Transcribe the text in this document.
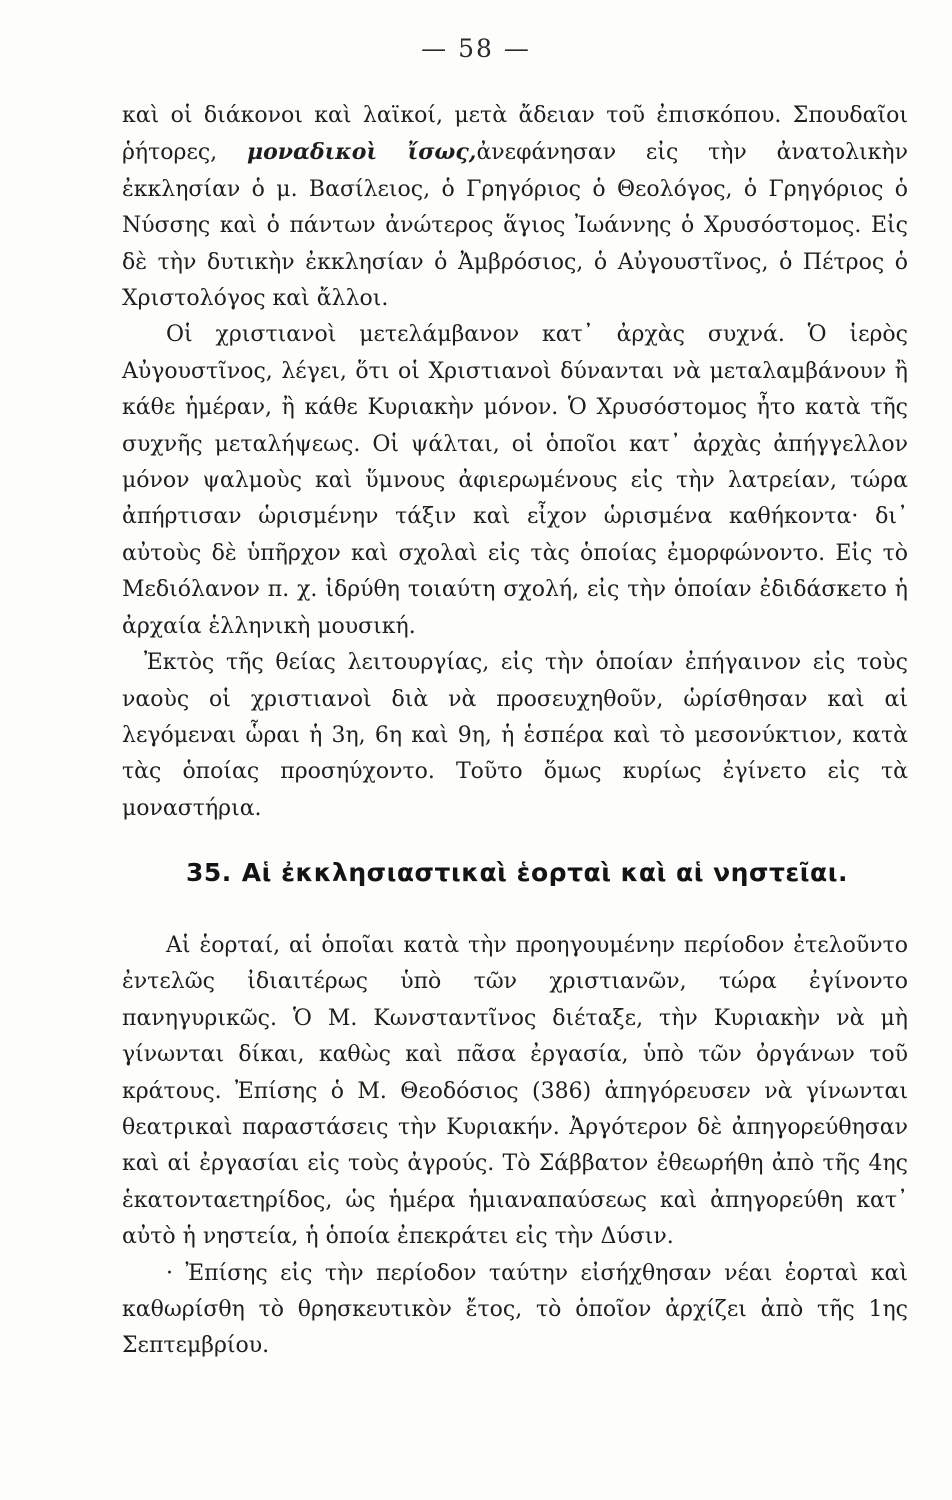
— 58 —

καὶ οἱ διάκονοι καὶ λαϊκοί, μετὰ ἄδειαν τοῦ ἐπισκόπου. Σπουδαῖοι ῥήτορες, μοναδικοὶ ἴσως,ἀνεφάνησαν εἰς τὴν ἀνατολικὴν ἐκκλησίαν ὁ μ. Βασίλειος, ὁ Γρηγόριος ὁ Θεολόγος, ὁ Γρηγόριος ὁ Νύσσης καὶ ὁ πάντων ἀνώτερος ἅγιος Ἰωάννης ὁ Χρυσόστομος. Εἰς δὲ τὴν δυτικὴν ἐκκλησίαν ὁ Ἀμβρόσιος, ὁ Αὐγουστῖνος, ὁ Πέτρος ὁ Χριστολόγος καὶ ἄλλοι.

Οἱ χριστιανοὶ μετελάμβανον κατ᾽ ἀρχὰς συχνά. Ὁ ἱερὸς Αὐγουστῖνος, λέγει, ὅτι οἱ Χριστιανοὶ δύνανται νὰ μεταλαμβάνουν ἢ κάθε ἡμέραν, ἢ κάθε Κυριακὴν μόνον. Ὁ Χρυσόστομος ἦτο κατὰ τῆς συχνῆς μεταλήψεως. Οἱ ψάλται, οἱ ὁποῖοι κατ᾽ ἀρχὰς ἀπήγγελλον μόνον ψαλμοὺς καὶ ὕμνους ἀφιερωμένους εἰς τὴν λατρείαν, τώρα ἀπήρτισαν ὡρισμένην τάξιν καὶ εἶχον ὡρισμένα καθήκοντα· δι᾽ αὐτοὺς δὲ ὑπῆρχον καὶ σχολαὶ εἰς τὰς ὁποίας ἐμορφώνοντο. Εἰς τὸ Μεδιόλανον π. χ. ἱδρύθη τοιαύτη σχολή, εἰς τὴν ὁποίαν ἐδιδάσκετο ἡ ἀρχαία ἑλληνικὴ μουσική.

Ἐκτὸς τῆς θείας λειτουργίας, εἰς τὴν ὁποίαν ἐπήγαινον εἰς τοὺς ναοὺς οἱ χριστιανοὶ διὰ νὰ προσευχηθοῦν, ὡρίσθησαν καὶ αἱ λεγόμεναι ὧραι ἡ 3η, 6η καὶ 9η, ἡ ἑσπέρα καὶ τὸ μεσονύκτιον, κατὰ τὰς ὁποίας προσηύχοντο. Τοῦτο ὅμως κυρίως ἐγίνετο εἰς τὰ μοναστήρια.

35. Αἱ ἐκκλησιαστικαὶ ἑορταὶ καὶ αἱ νηστεῖαι.

Αἱ ἑορταί, αἱ ὁποῖαι κατὰ τὴν προηγουμένην περίοδον ἐτελοῦντο ἐντελῶς ἰδιαιτέρως ὑπὸ τῶν χριστιανῶν, τώρα ἐγίνοντο πανηγυρικῶς. Ὁ Μ. Κωνσταντῖνος διέταξε, τὴν Κυριακὴν νὰ μὴ γίνωνται δίκαι, καθὼς καὶ πᾶσα ἐργασία, ὑπὸ τῶν ὀργάνων τοῦ κράτους. Ἐπίσης ὁ Μ. Θεοδόσιος (386) ἀπηγόρευσεν νὰ γίνωνται θεατρικαὶ παραστάσεις τὴν Κυριακήν. Ἀργότερον δὲ ἀπηγορεύθησαν καὶ αἱ ἐργασίαι εἰς τοὺς ἀγρούς. Τὸ Σάββατον ἐθεωρήθη ἀπὸ τῆς 4ης ἑκατονταετηρίδος, ὡς ἡμέρα ἡμιαναπαύσεως καὶ ἀπηγορεύθη κατ᾽ αὐτὸ ἡ νηστεία, ἡ ὁποία ἐπεκράτει εἰς τὴν Δύσιν.

· Ἐπίσης εἰς τὴν περίοδον ταύτην εἰσήχθησαν νέαι ἑορταὶ καὶ καθωρίσθη τὸ θρησκευτικὸν ἔτος, τὸ ὁποῖον ἀρχίζει ἀπὸ τῆς 1ης Σεπτεμβρίου.
